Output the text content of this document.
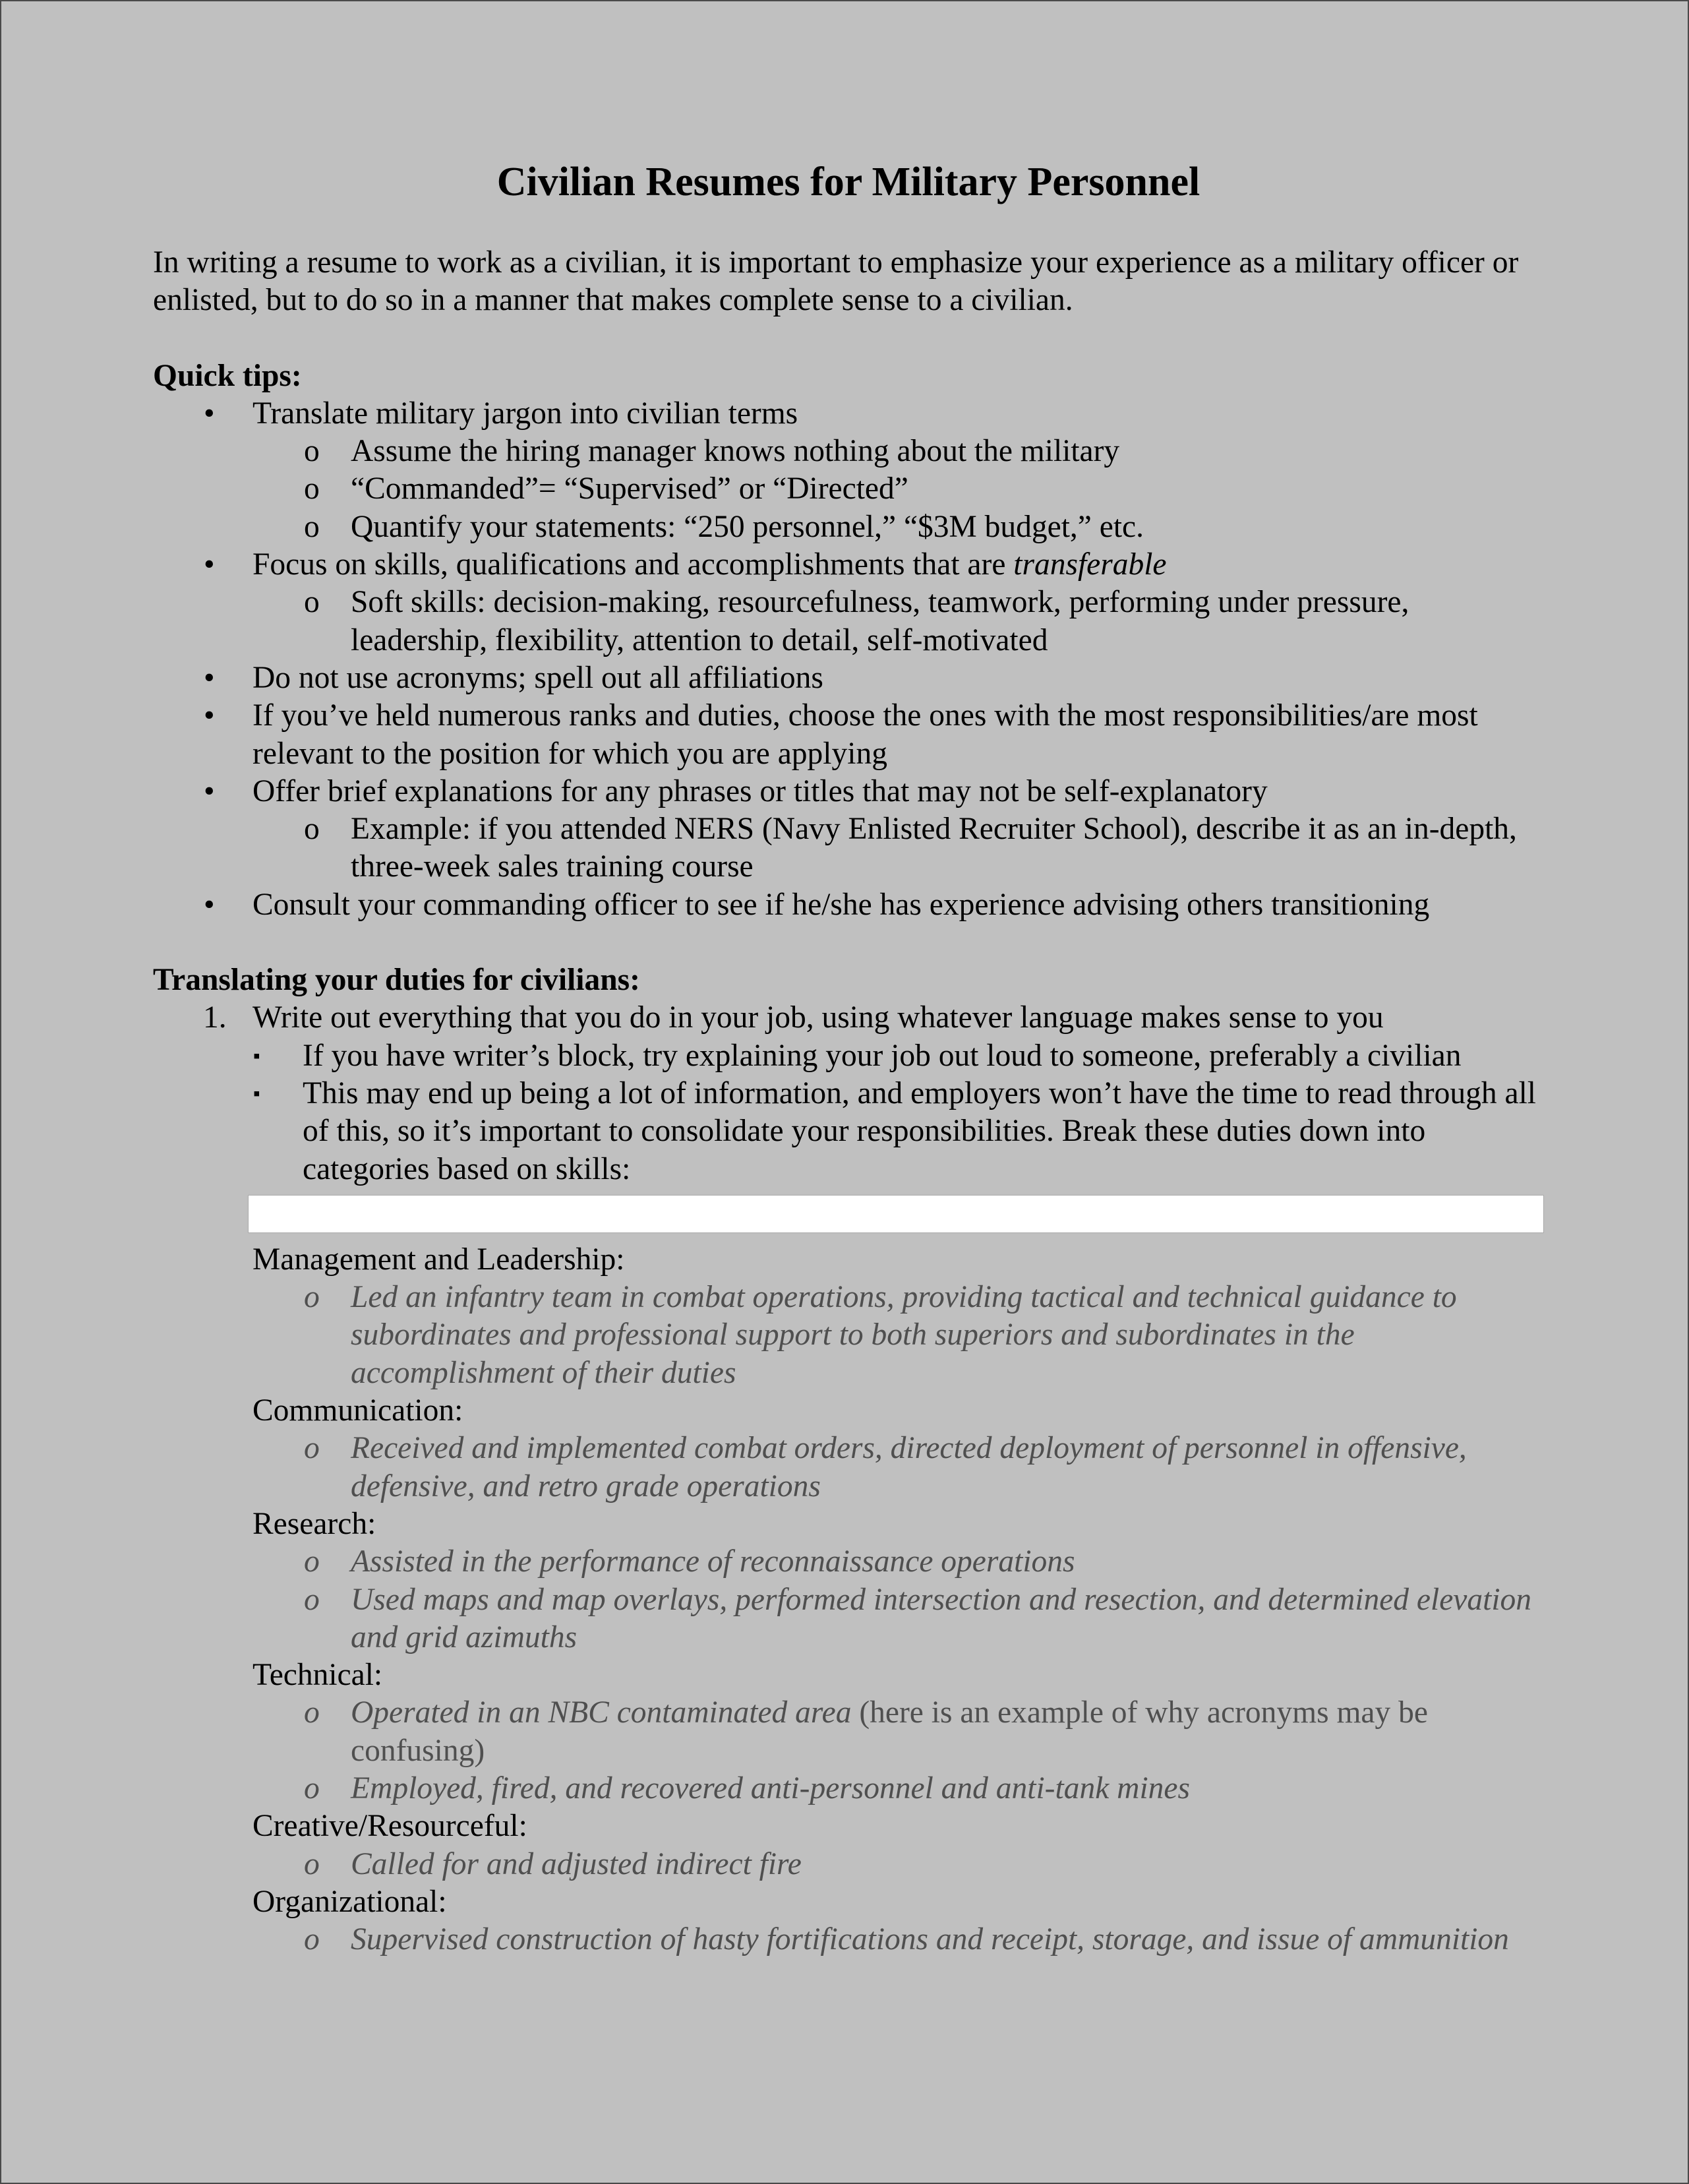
Civilian Resumes for Military Personnel

In writing a resume to work as a civilian, it is important to emphasize your experience as a military officer or enlisted, but to do so in a manner that makes complete sense to a civilian.

Quick tips:

• Translate military jargon into civilian terms
o Assume the hiring manager knows nothing about the military
o “Commanded”= “Supervised” or “Directed”
o Quantify your statements: “250 personnel,” “$3M budget,” etc.
• Focus on skills, qualifications and accomplishments that are transferable
o Soft skills: decision-making, resourcefulness, teamwork, performing under pressure, leadership, flexibility, attention to detail, self-motivated
• Do not use acronyms; spell out all affiliations
• If you’ve held numerous ranks and duties, choose the ones with the most responsibilities/are most relevant to the position for which you are applying
• Offer brief explanations for any phrases or titles that may not be self-explanatory
o Example: if you attended NERS (Navy Enlisted Recruiter School), describe it as an in-depth, three-week sales training course
• Consult your commanding officer to see if he/she has experience advising others transitioning

Translating your duties for civilians:

1. Write out everything that you do in your job, using whatever language makes sense to you
▪ If you have writer’s block, try explaining your job out loud to someone, preferably a civilian
▪ This may end up being a lot of information, and employers won’t have the time to read through all of this, so it’s important to consolidate your responsibilities. Break these duties down into categories based on skills:
Management and Leadership:
o Led an infantry team in combat operations, providing tactical and technical guidance to subordinates and professional support to both superiors and subordinates in the accomplishment of their duties
Communication:
o Received and implemented combat orders, directed deployment of personnel in offensive, defensive, and retro grade operations
Research:
o Assisted in the performance of reconnaissance operations
o Used maps and map overlays, performed intersection and resection, and determined elevation and grid azimuths
Technical:
o Operated in an NBC contaminated area (here is an example of why acronyms may be confusing)
o Employed, fired, and recovered anti-personnel and anti-tank mines
Creative/Resourceful:
o Called for and adjusted indirect fire
Organizational:
o Supervised construction of hasty fortifications and receipt, storage, and issue of ammunition
